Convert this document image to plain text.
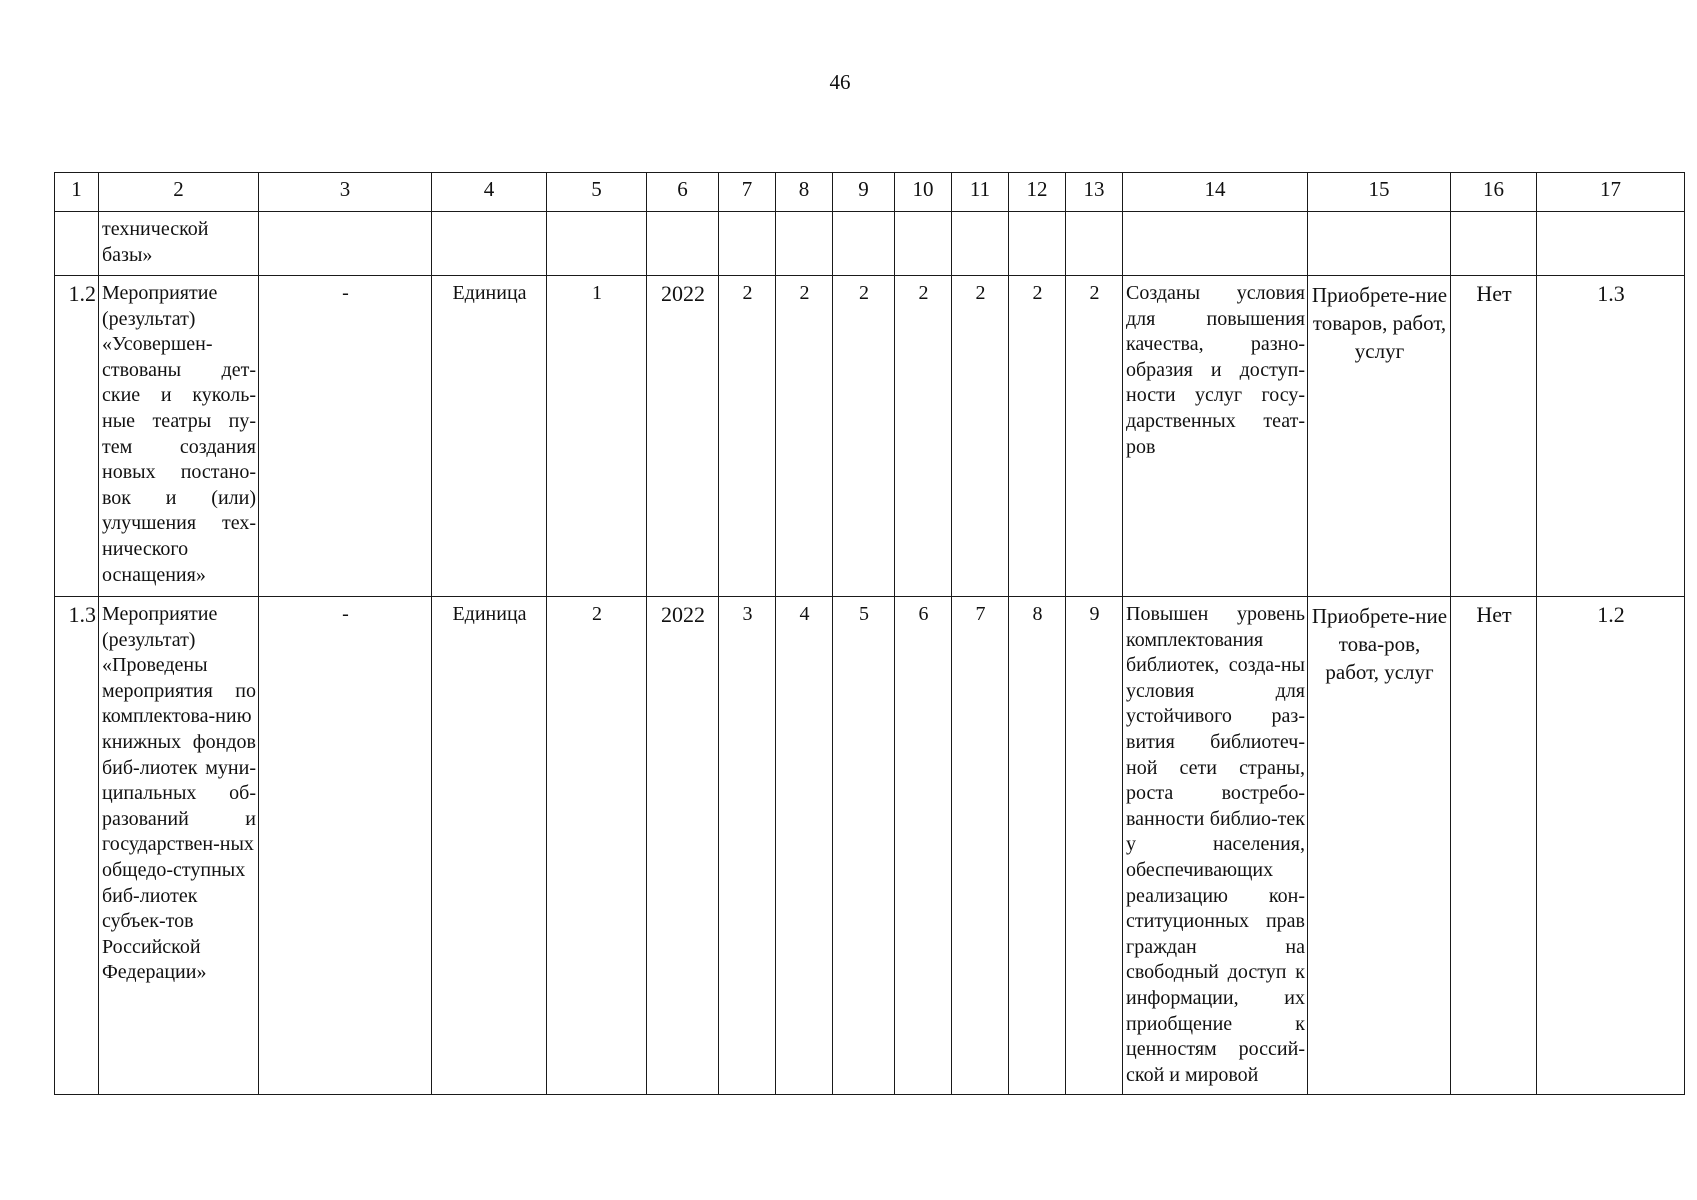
46
1	2	3	4	5	6	7	8	9	10	11	12	13	14	15	16	17
	технической базы»															
1.2	Мероприятие (результат) «Усовершен-ствованы дет-ские и куколь-ные театры пу-тем создания новых постано-вок и (или) улучшения тех-нического оснащения»	-	Единица	1	2022	2	2	2	2	2	2	2	Созданы условия для повышения качества, разно-образия и доступ-ности услуг госу-дарственных теат-ров	Приобрете-ние товаров, работ, услуг	Нет	1.3
1.3	Мероприятие (результат) «Проведены мероприятия по комплектова-нию книжных фондов биб-лиотек муни-ципальных об-разований и государствен-ных общедо-ступных биб-лиотек субъек-тов Российской Федерации»	-	Единица	2	2022	3	4	5	6	7	8	9	Повышен уровень комплектования библиотек, созда-ны условия для устойчивого раз-вития библиотеч-ной сети страны, роста востребо-ванности библио-тек у населения, обеспечивающих реализацию кон-ституционных прав граждан на свободный доступ к информации, их приобщение к ценностям россий-ской и мировой	Приобрете-ние това-ров, работ, услуг	Нет	1.2
